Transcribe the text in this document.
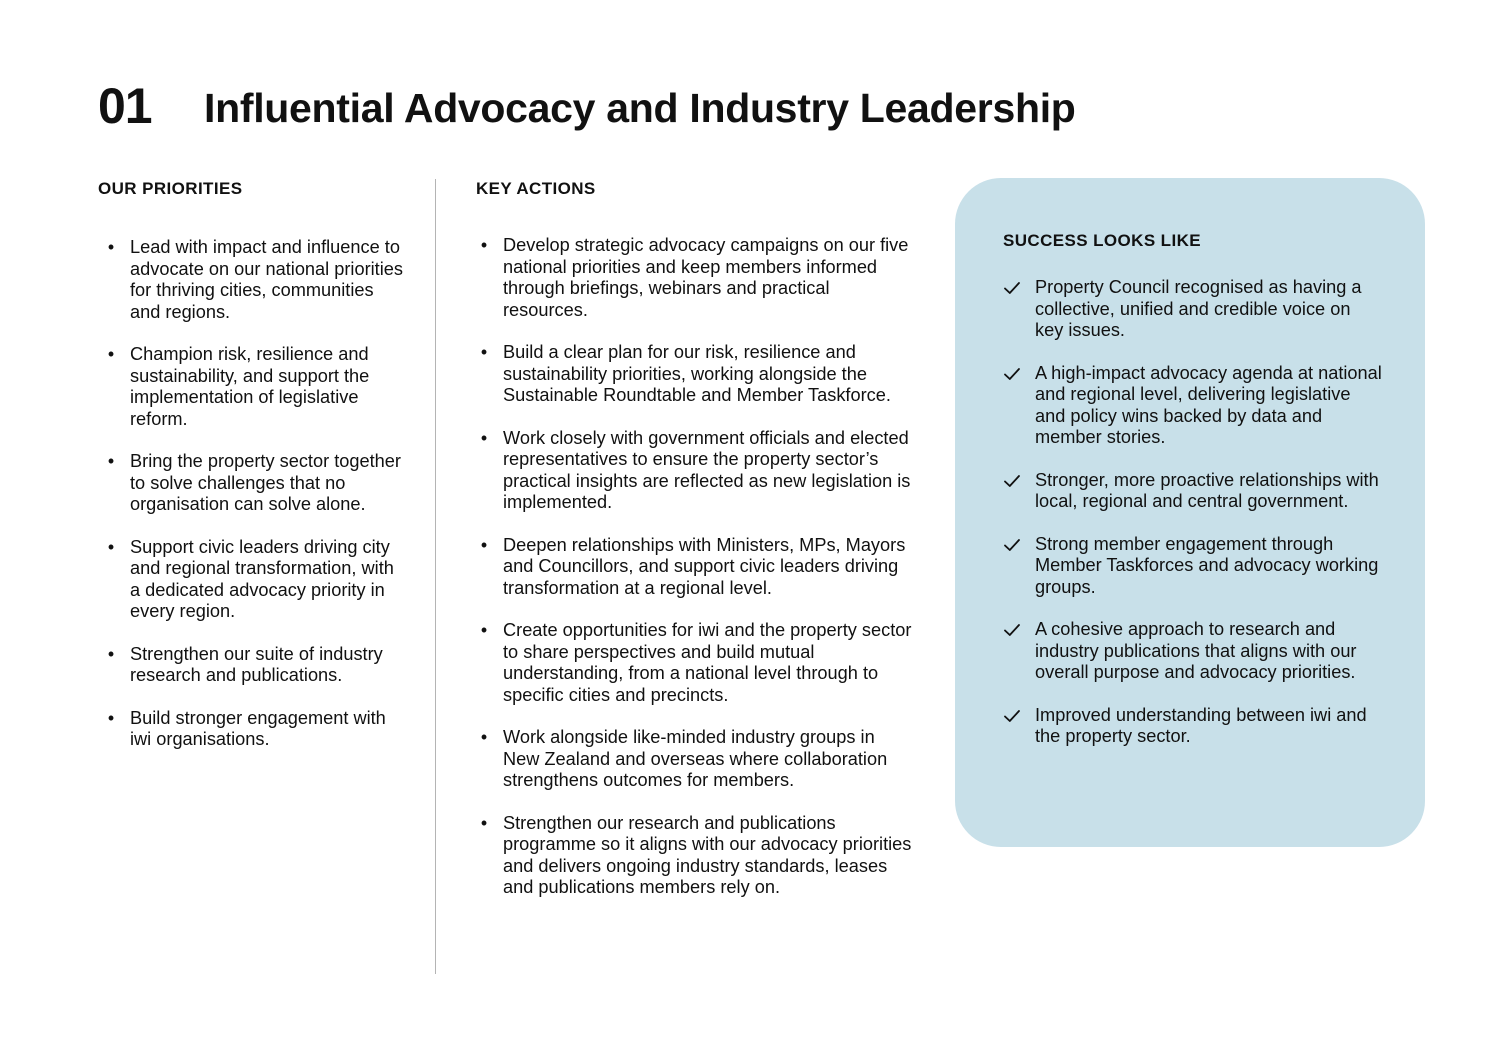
01 Influential Advocacy and Industry Leadership
OUR PRIORITIES
• Lead with impact and influence to advocate on our national priorities for thriving cities, communities and regions.
• Champion risk, resilience and sustainability, and support the implementation of legislative reform.
• Bring the property sector together to solve challenges that no organisation can solve alone.
• Support civic leaders driving city and regional transformation, with a dedicated advocacy priority in every region.
• Strengthen our suite of industry research and publications.
• Build stronger engagement with iwi organisations.
KEY ACTIONS
• Develop strategic advocacy campaigns on our five national priorities and keep members informed through briefings, webinars and practical resources.
• Build a clear plan for our risk, resilience and sustainability priorities, working alongside the Sustainable Roundtable and Member Taskforce.
• Work closely with government officials and elected representatives to ensure the property sector’s practical insights are reflected as new legislation is implemented.
• Deepen relationships with Ministers, MPs, Mayors and Councillors, and support civic leaders driving transformation at a regional level.
• Create opportunities for iwi and the property sector to share perspectives and build mutual understanding, from a national level through to specific cities and precincts.
• Work alongside like-minded industry groups in New Zealand and overseas where collaboration strengthens outcomes for members.
• Strengthen our research and publications programme so it aligns with our advocacy priorities and delivers ongoing industry standards, leases and publications members rely on.
SUCCESS LOOKS LIKE
Property Council recognised as having a collective, unified and credible voice on key issues.
A high-impact advocacy agenda at national and regional level, delivering legislative and policy wins backed by data and member stories.
Stronger, more proactive relationships with local, regional and central government.
Strong member engagement through Member Taskforces and advocacy working groups.
A cohesive approach to research and industry publications that aligns with our overall purpose and advocacy priorities.
Improved understanding between iwi and the property sector.
